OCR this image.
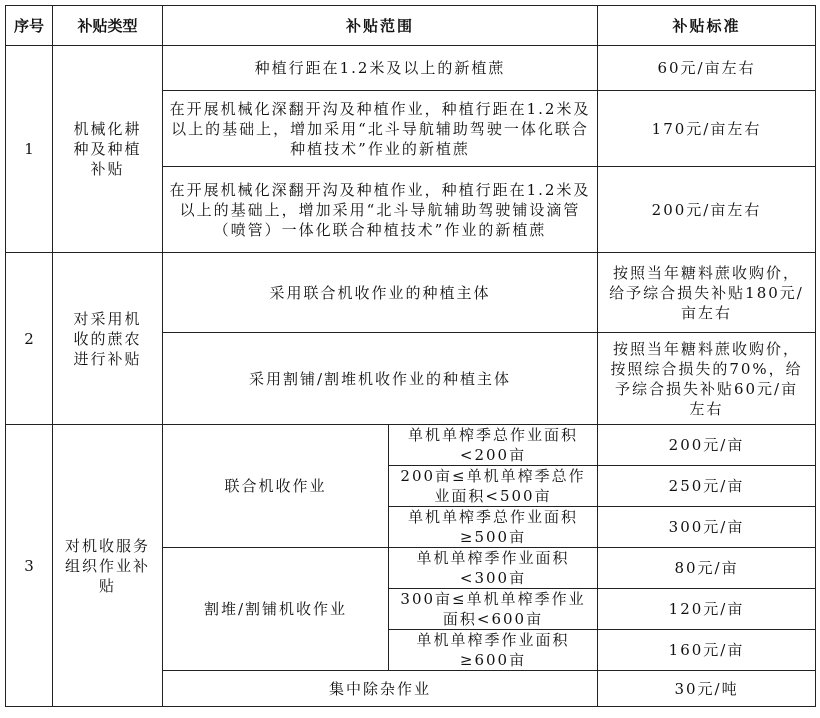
序号	补贴类型	补贴范围		补贴标准
1	机械化耕种及种植补贴	种植行距在1.2米及以上的新植蔗		60元/亩左右
		在开展机械化深翻开沟及种植作业，种植行距在1.2米及以上的基础上，增加采用“北斗导航辅助驾驶一体化联合种植技术”作业的新植蔗		170元/亩左右
		在开展机械化深翻开沟及种植作业，种植行距在1.2米及以上的基础上，增加采用“北斗导航辅助驾驶铺设滴管（喷管）一体化联合种植技术”作业的新植蔗		200元/亩左右
2	对采用机收的蔗农进行补贴	采用联合机收作业的种植主体		按照当年糖料蔗收购价，给予综合损失补贴180元/亩左右
		采用割铺/割堆机收作业的种植主体		按照当年糖料蔗收购价，按照综合损失的70%，给予综合损失补贴60元/亩左右
3	对机收服务组织作业补贴	联合机收作业	单机单榨季总作业面积<200亩	200元/亩
			200亩≤单机单榨季总作业面积<500亩	250元/亩
			单机单榨季总作业面积≥500亩	300元/亩
		割堆/割铺机收作业	单机单榨季作业面积<300亩	80元/亩
			300亩≤单机单榨季作业面积<600亩	120元/亩
			单机单榨季作业面积≥600亩	160元/亩
		集中除杂作业		30元/吨
